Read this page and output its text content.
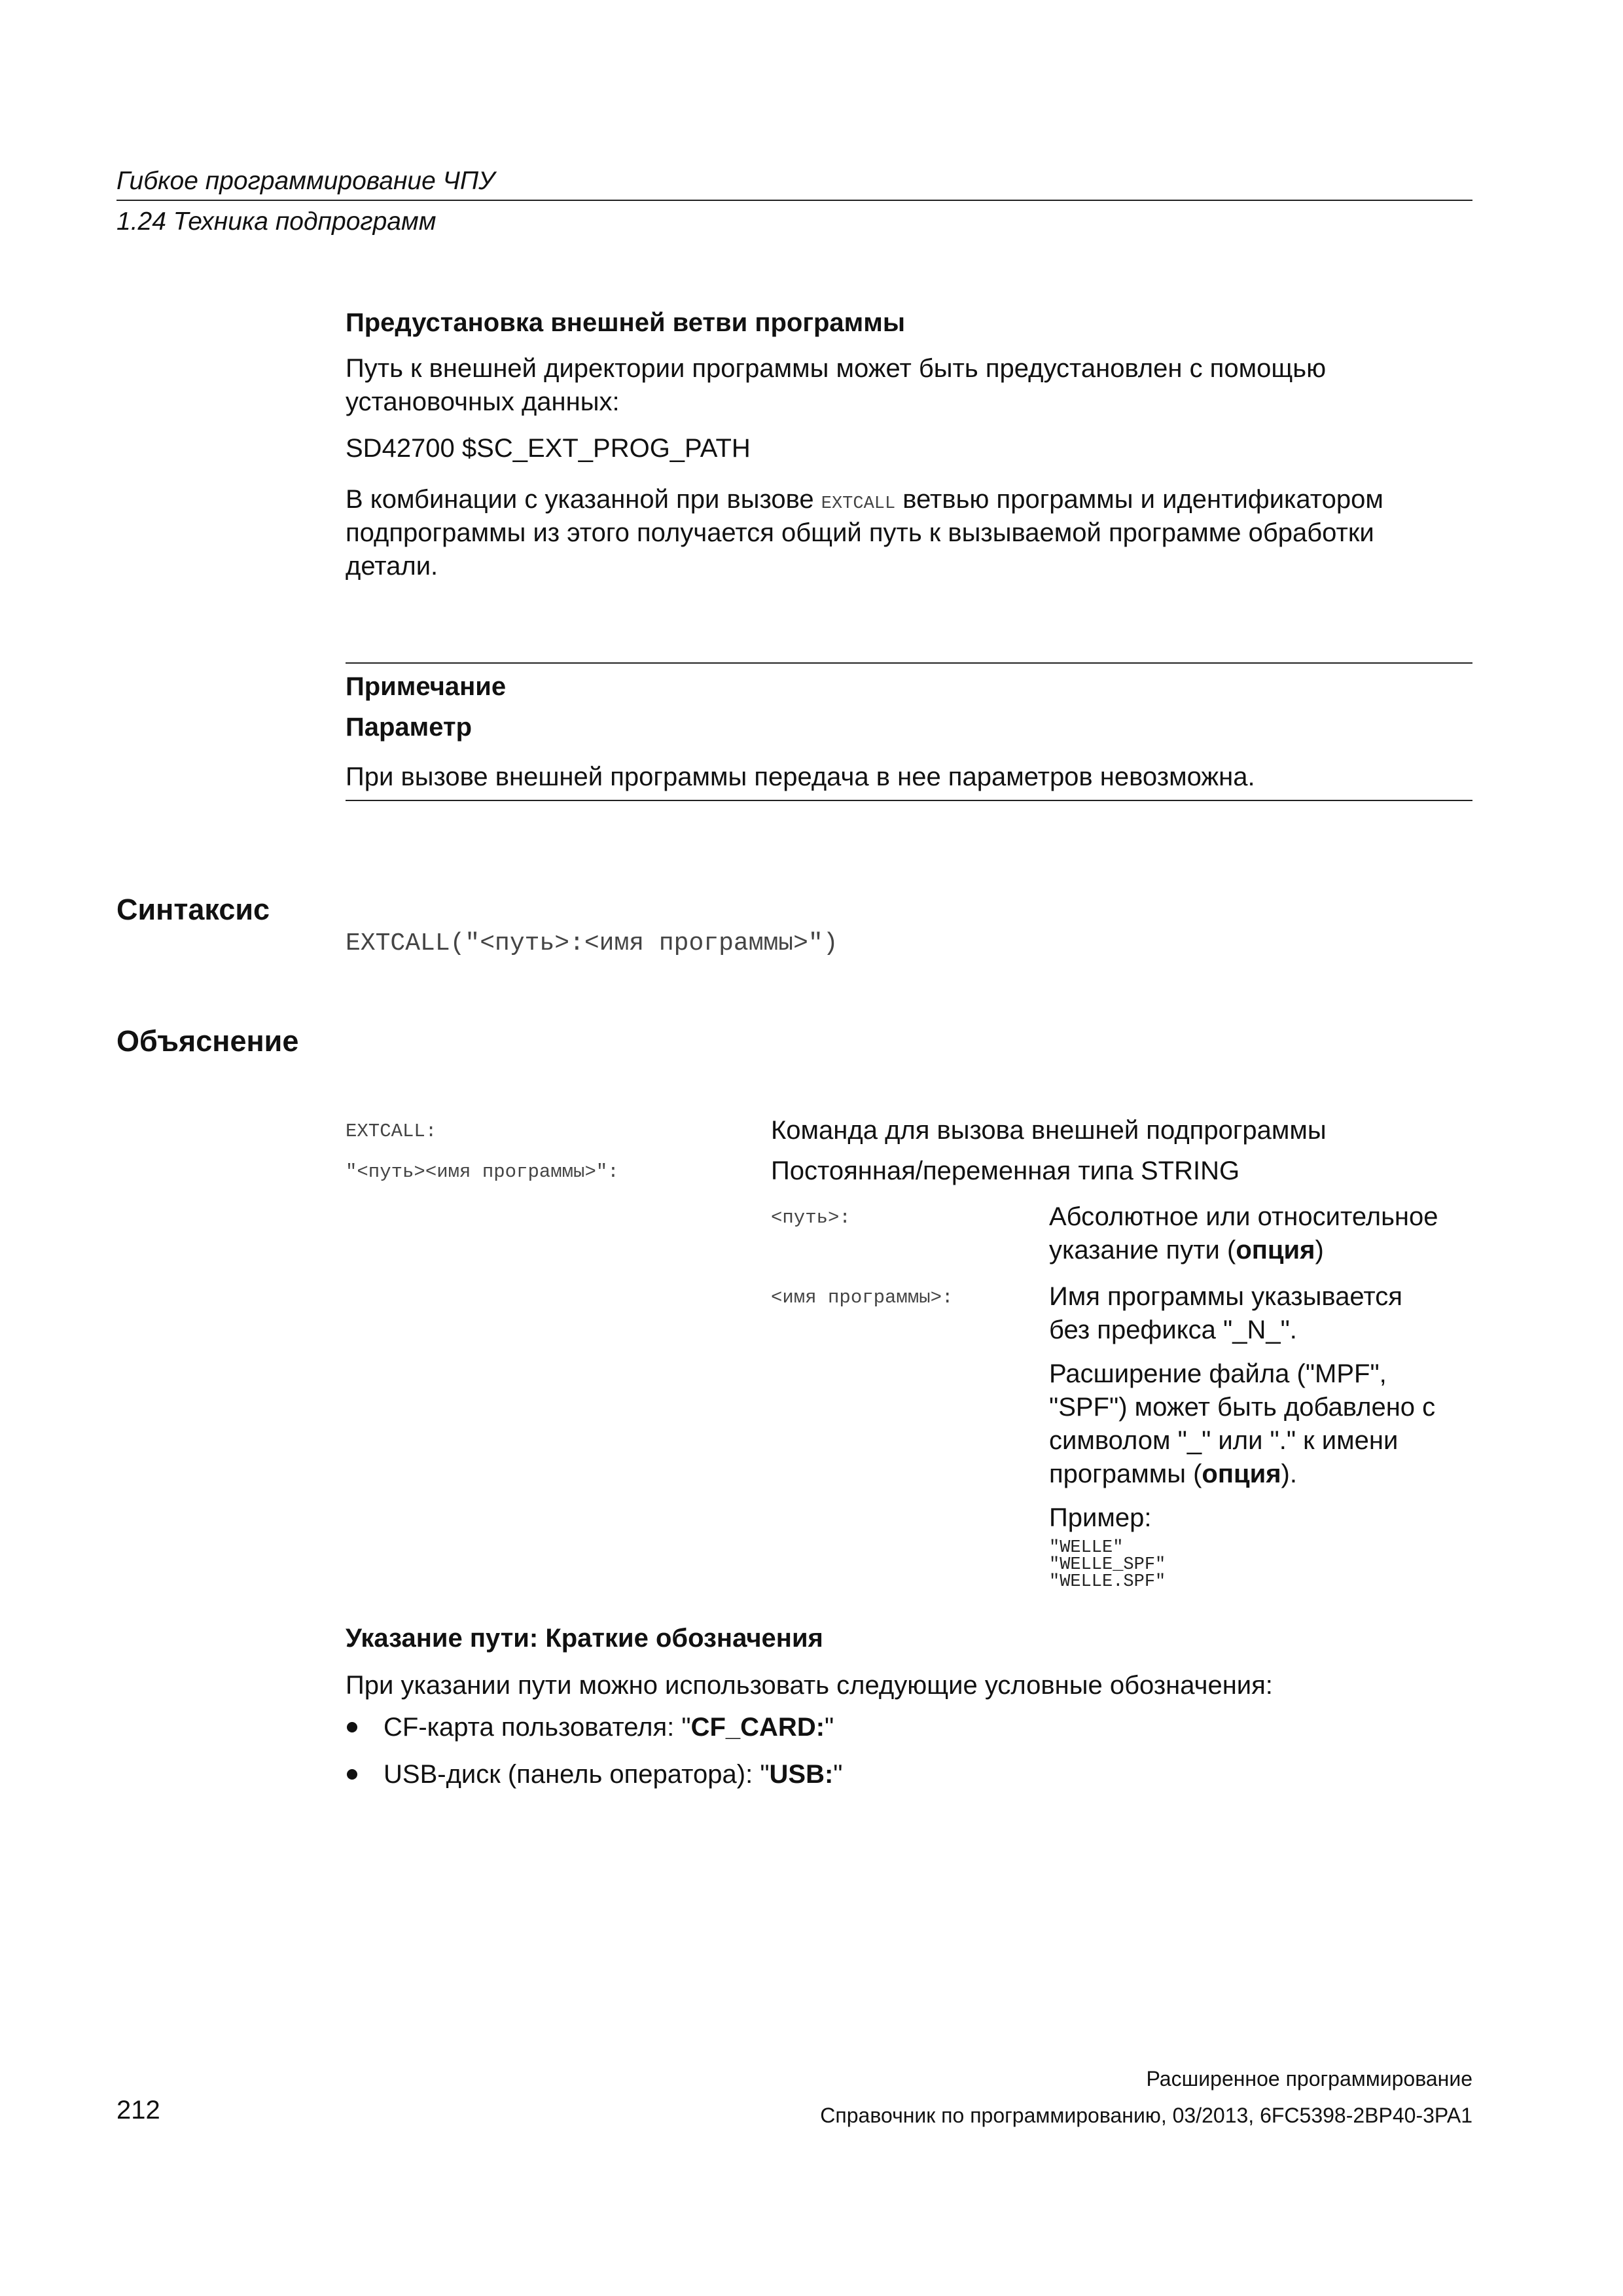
Гибкое программирование ЧПУ
1.24 Техника подпрограмм
Предустановка внешней ветви программы
Путь к внешней директории программы может быть предустановлен с помощью
установочных данных:
SD42700 $SC_EXT_PROG_PATH
В комбинации с указанной при вызове EXTCALL ветвью программы и идентификатором
подпрограммы из этого получается общий путь к вызываемой программе обработки
детали.
Примечание
Параметр
При вызове внешней программы передача в нее параметров невозможна.
Синтаксис
EXTCALL("<путь>:<имя программы>")
Объяснение
EXTCALL:	Команда для вызова внешней подпрограммы
"<путь><имя программы>":	Постоянная/переменная типа STRING
<путь>:	Абсолютное или относительное
указание пути (опция)
<имя программы>:	Имя программы указывается
без префикса "_N_".
Расширение файла ("MPF",
"SPF") может быть добавлено с
символом "_" или "." к имени
программы (опция).
Пример:
"WELLE"
"WELLE_SPF"
"WELLE.SPF"
Указание пути: Краткие обозначения
При указании пути можно использовать следующие условные обозначения:
CF-карта пользователя: "CF_CARD:"
USB-диск (панель оператора): "USB:"
Расширенное программирование
212	Справочник по программированию, 03/2013, 6FC5398-2BP40-3PA1
